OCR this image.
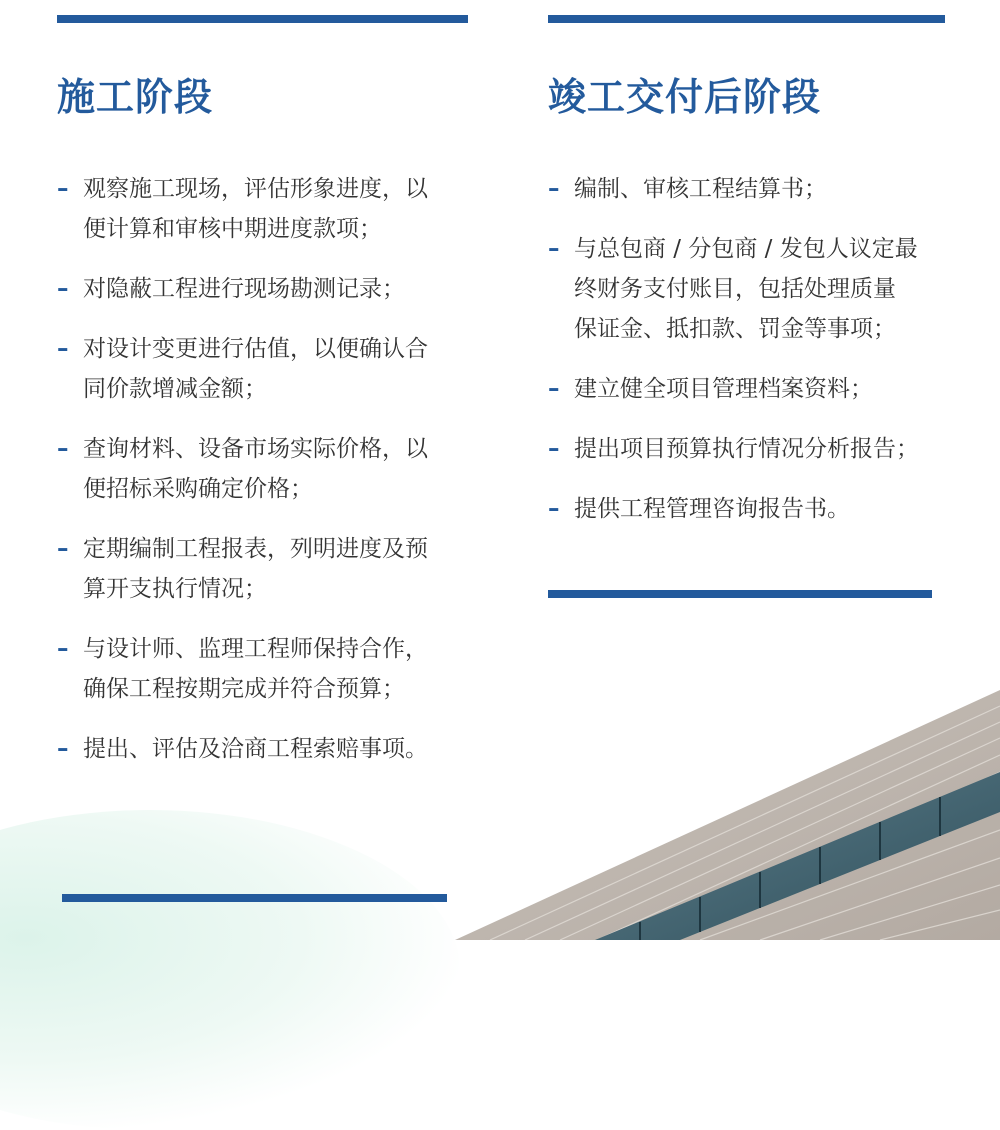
施工阶段	竣工交付后阶段
– 观察施工现场，评估形象进度，以
便计算和审核中期进度款项；
– 对隐蔽工程进行现场勘测记录；
– 对设计变更进行估值，以便确认合
同价款增减金额；
– 查询材料、设备市场实际价格，以
便招标采购确定价格；
– 定期编制工程报表，列明进度及预
算开支执行情况；
– 与设计师、监理工程师保持合作，
确保工程按期完成并符合预算；
– 提出、评估及洽商工程索赔事项。
– 编制、审核工程结算书；
– 与总包商 / 分包商 / 发包人议定最
终财务支付账目，包括处理质量
保证金、抵扣款、罚金等事项；
– 建立健全项目管理档案资料；
– 提出项目预算执行情况分析报告；
– 提供工程管理咨询报告书。
